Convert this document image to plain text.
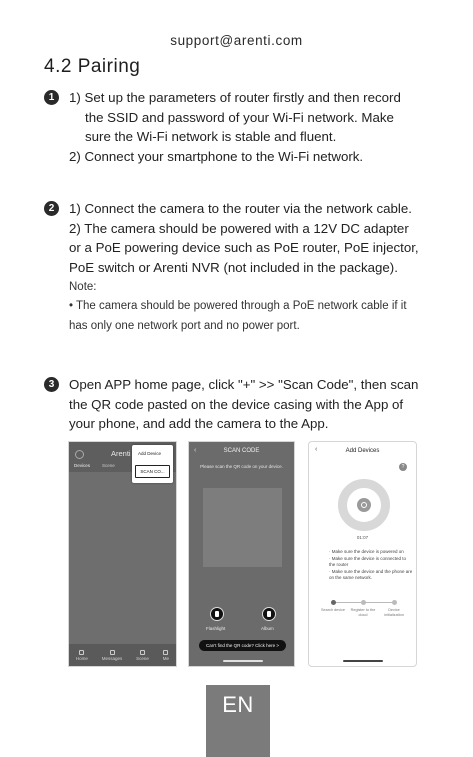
support@arenti.com
4.2 Pairing
1	1) Set up the parameters of router firstly and then record
the SSID and password of your Wi-Fi network. Make
sure the Wi-Fi network is stable and fluent.
2) Connect your smartphone to the Wi-Fi network.
2	1) Connect the camera to the router via the network cable.
2) The camera should be powered with a 12V DC adapter
or a PoE powering device such as PoE router, PoE injector,
PoE switch or Arenti NVR (not included in the package).
Note:
• The camera should be powered through a PoE network cable if it
has only one network port and no power port.
3	Open APP home page, click "+" >> "Scan Code", then scan
the QR code pasted on the device casing with the App of
your phone, and add the camera to the App.
Arenti
Devices	Scene
Add Device
SCAN CO...
Home	Messages	Scene	Me
‹	SCAN CODE
Please scan the QR code on your device.
Flashlight	Album
Can't find the QR code? Click here >
‹	Add Devices
?
01:07
· Make sure the device is powered on
· Make sure the device is connected to
the router
· Make sure the device and the phone are
on the same network.
Search device Register to the cloud
Device initialization
EN
